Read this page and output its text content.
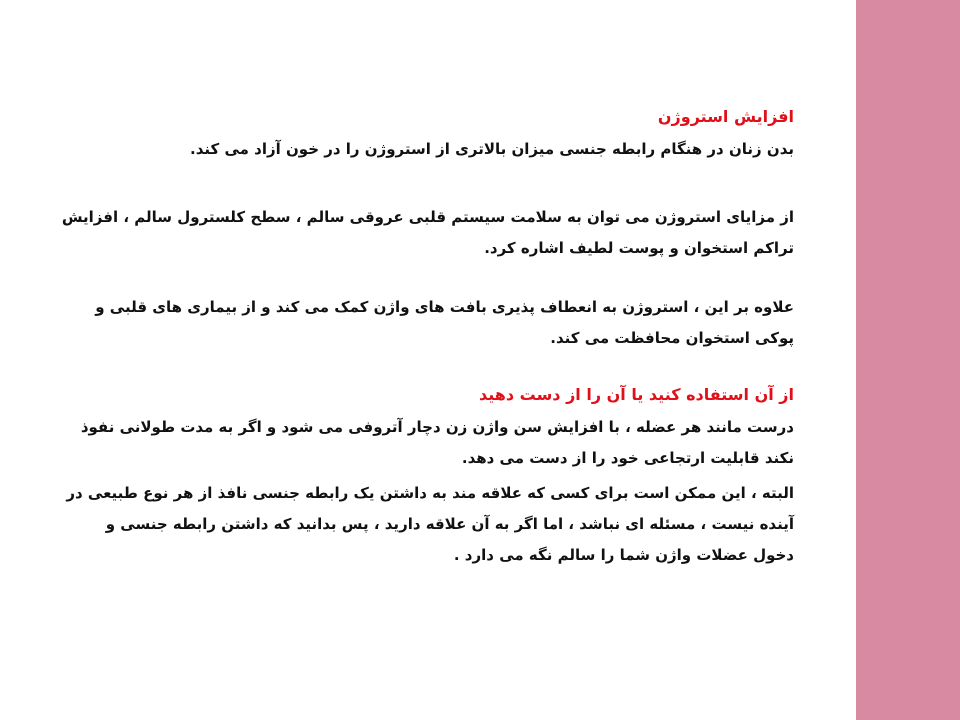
افزایش استروژن

بدن زنان در هنگام رابطه جنسی میزان بالاتری از استروژن را در خون آزاد می کند.

از مزایای استروژن می توان به سلامت سیستم قلبی عروقی سالم ، سطح کلسترول سالم ، افزایش تراکم استخوان و پوست لطیف اشاره کرد.

علاوه بر این ، استروژن به انعطاف پذیری بافت های واژن کمک می کند و از بیماری های قلبی و پوکی استخوان محافظت می کند.

از آن استفاده کنید یا آن را از دست دهید

درست مانند هر عضله ، با افزایش سن واژن زن دچار آتروفی می شود و اگر به مدت طولانی نفوذ نکند قابلیت ارتجاعی خود را از دست می دهد.

البته ، این ممکن است برای کسی که علاقه مند به داشتن یک رابطه جنسی نافذ از هر نوع طبیعی در آینده نیست ، مسئله ای نباشد ، اما اگر به آن علاقه دارید ، پس بدانید که داشتن رابطه جنسی و دخول عضلات واژن شما را سالم نگه می دارد .
